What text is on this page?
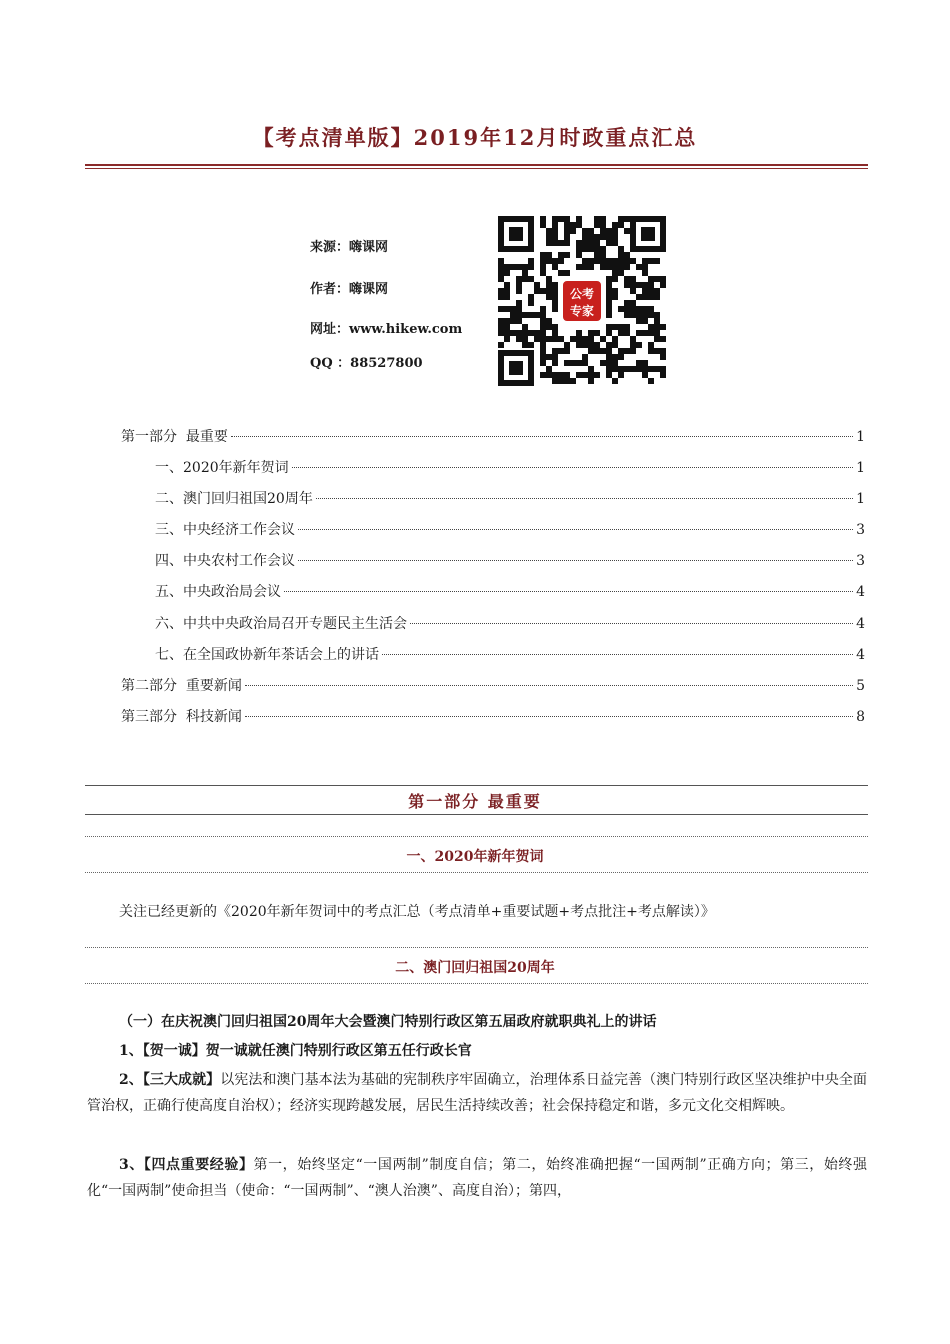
【考点清单版】2019年12月时政重点汇总
来源：嗨课网
作者：嗨课网
网址：www.hikew.com
QQ ：88527800
公考
专家
第一部分  最重要	1
一、2020年新年贺词	1
二、澳门回归祖国20周年	1
三、中央经济工作会议	3
四、中央农村工作会议	3
五、中央政治局会议	4
六、中共中央政治局召开专题民主生活会	4
七、在全国政协新年茶话会上的讲话	4
第二部分  重要新闻	5
第三部分  科技新闻	8
第一部分 最重要
一、2020年新年贺词
关注已经更新的《2020年新年贺词中的考点汇总（考点清单+重要试题+考点批注+考点解读）》
二、澳门回归祖国20周年
（一）在庆祝澳门回归祖国20周年大会暨澳门特别行政区第五届政府就职典礼上的讲话
1、【贺一诚】贺一诚就任澳门特别行政区第五任行政长官
2、【三大成就】以宪法和澳门基本法为基础的宪制秩序牢固确立，治理体系日益完善（澳门特别行政区坚决维护中央全面管治权，正确行使高度自治权）；经济实现跨越发展，居民生活持续改善；社会保持稳定和谐，多元文化交相辉映。
3、【四点重要经验】第一，始终坚定“一国两制”制度自信；第二，始终准确把握“一国两制”正确方向；第三，始终强化“一国两制”使命担当（使命：“一国两制”、“澳人治澳”、高度自治）；第四，
